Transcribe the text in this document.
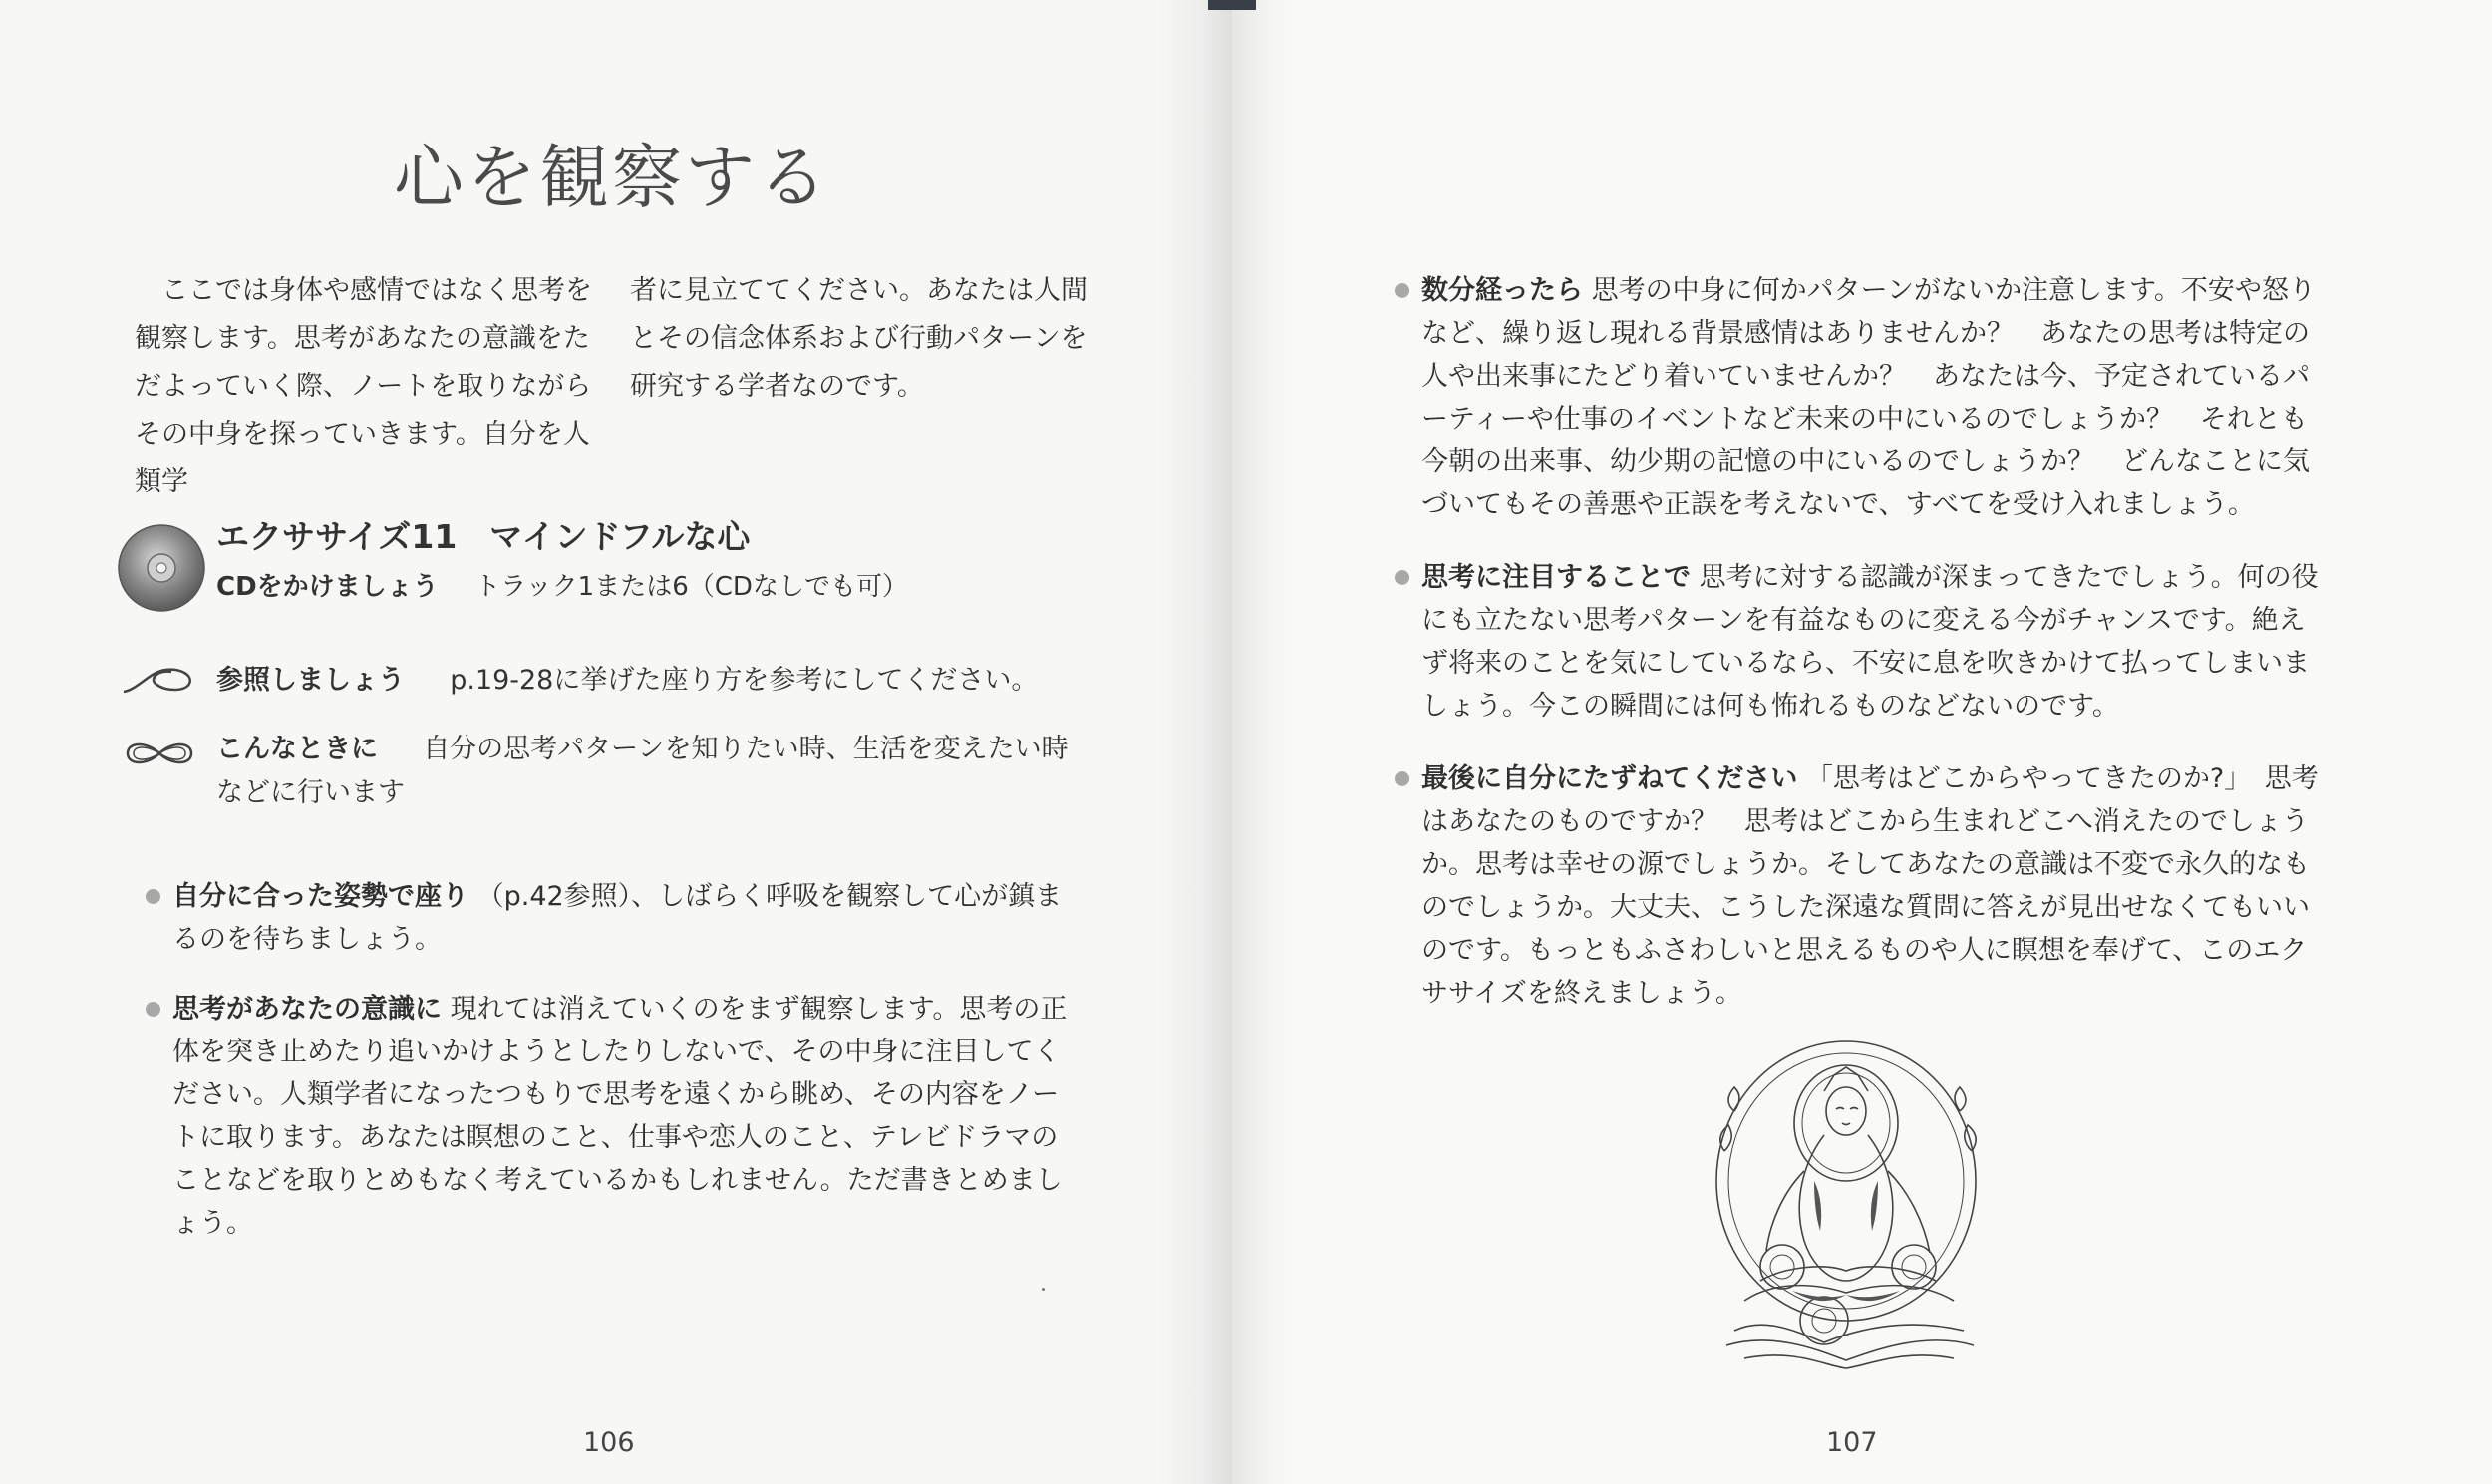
心を観察する
ここでは身体や感情ではなく思考を観察します。思考があなたの意識をただよっていく際、ノートを取りながらその中身を探っていきます。自分を人類学
者に見立ててください。あなたは人間とその信念体系および行動パターンを研究する学者なのです。
エクササイズ11　マインドフルな心
CDをかけましょう トラック1または6（CDなしでも可）
参照しましょう p.19-28に挙げた座り方を参考にしてください。
こんなときに 自分の思考パターンを知りたい時、生活を変えたい時などに行います
自分に合った姿勢で座り （p.42参照）、しばらく呼吸を観察して心が鎮まるのを待ちましょう。
思考があなたの意識に 現れては消えていくのをまず観察します。思考の正体を突き止めたり追いかけようとしたりしないで、その中身に注目してください。人類学者になったつもりで思考を遠くから眺め、その内容をノートに取ります。あなたは瞑想のこと、仕事や恋人のこと、テレビドラマのことなどを取りとめもなく考えているかもしれません。ただ書きとめましょう。
106
数分経ったら 思考の中身に何かパターンがないか注意します。不安や怒りなど、繰り返し現れる背景感情はありませんか？　あなたの思考は特定の人や出来事にたどり着いていませんか？　あなたは今、予定されているパーティーや仕事のイベントなど未来の中にいるのでしょうか？　それとも今朝の出来事、幼少期の記憶の中にいるのでしょうか？　どんなことに気づいてもその善悪や正誤を考えないで、すべてを受け入れましょう。
思考に注目することで 思考に対する認識が深まってきたでしょう。何の役にも立たない思考パターンを有益なものに変える今がチャンスです。絶えず将来のことを気にしているなら、不安に息を吹きかけて払ってしまいましょう。今この瞬間には何も怖れるものなどないのです。
最後に自分にたずねてください 「思考はどこからやってきたのか?」　思考はあなたのものですか？　思考はどこから生まれどこへ消えたのでしょうか。思考は幸せの源でしょうか。そしてあなたの意識は不変で永久的なものでしょうか。大丈夫、こうした深遠な質問に答えが見出せなくてもいいのです。もっともふさわしいと思えるものや人に瞑想を奉げて、このエクササイズを終えましょう。
107
